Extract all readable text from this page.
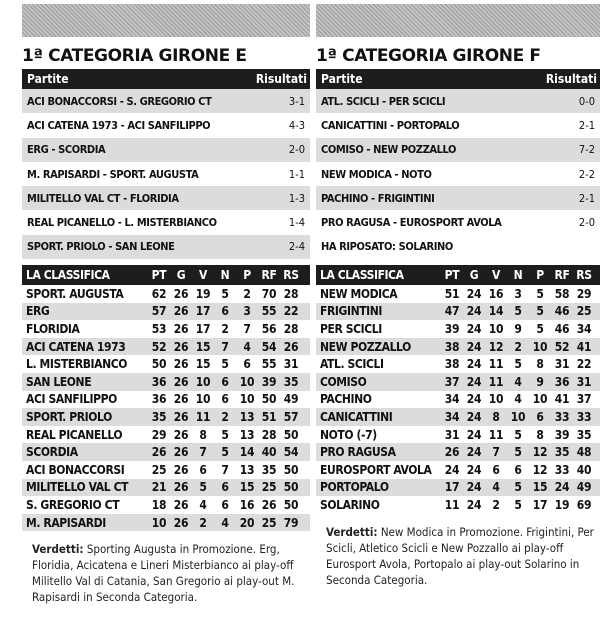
1ª CATEGORIA GIRONE E
Partite	Risultati
ACI BONACCORSI - S. GREGORIO CT	3-1
ACI CATENA 1973 - ACI SANFILIPPO	4-3
ERG - SCORDIA	2-0
M. RAPISARDI - SPORT. AUGUSTA	1-1
MILITELLO VAL CT - FLORIDIA	1-3
REAL PICANELLO - L. MISTERBIANCO	1-4
SPORT. PRIOLO - SAN LEONE	2-4
LA CLASSIFICA	PT G	V	N	P RF RS
SPORT. AUGUSTA	62 26 19 5	2 70 28
ERG	57 26 17 6	3 55 22
FLORIDIA	53 26 17 2	7 56 28
ACI CATENA 1973	52 26 15 7	4 54 26
L. MISTERBIANCO	50 26 15 5	6 55 31
SAN LEONE	36 26 10 6 10 39 35
ACI SANFILIPPO	36 26 10 6 10 50 49
SPORT. PRIOLO	35 26 11 2 13 51 57
REAL PICANELLO	29 26 8	5 13 28 50
SCORDIA	26 26 7	5 14 40 54
ACI BONACCORSI	25 26 6	7 13 35 50
MILITELLO VAL CT	21 26 5	6 15 25 50
S. GREGORIO CT	18 26 4	6 16 26 50
M. RAPISARDI	10 26 2	4 20 25 79
Verdetti: Sporting Augusta in Promozione. Erg, Floridia, Acicatena e Lineri Misterbianco ai play-off Militello Val di Catania, San Gregorio ai play-out M. Rapisardi in Seconda Categoria.
1ª CATEGORIA GIRONE F
Partite	Risultati
ATL. SCICLI - PER SCICLI	0-0
CANICATTINI - PORTOPALO	2-1
COMISO - NEW POZZALLO	7-2
NEW MODICA - NOTO	2-2
PACHINO - FRIGINTINI	2-1
PRO RAGUSA - EUROSPORT AVOLA	2-0
HA RIPOSATO: SOLARINO
LA CLASSIFICA	PT G	V	N	P RF RS
NEW MODICA	51 24 16 3	5 58 29
FRIGINTINI	47 24 14 5	5 46 25
PER SCICLI	39 24 10 9	5 46 34
NEW POZZALLO	38 24 12 2 10 52 41
ATL. SCICLI	38 24 11 5	8 31 22
COMISO	37 24 11 4	9 36 31
PACHINO	34 24 10 4 10 41 37
CANICATTINI	34 24 8 10 6 33 33
NOTO (-7)	31 24 11 5	8 39 35
PRO RAGUSA	26 24 7	5 12 35 48
EUROSPORT AVOLA	24 24 6	6 12 33 40
PORTOPALO	17 24 4	5 15 24 49
SOLARINO	11 24 2	5 17 19 69
Verdetti: New Modica in Promozione. Frigintini, Per Scicli, Atletico Scicli e New Pozzallo ai play-off Eurosport Avola, Portopalo ai play-out Solarino in Seconda Categoria.
